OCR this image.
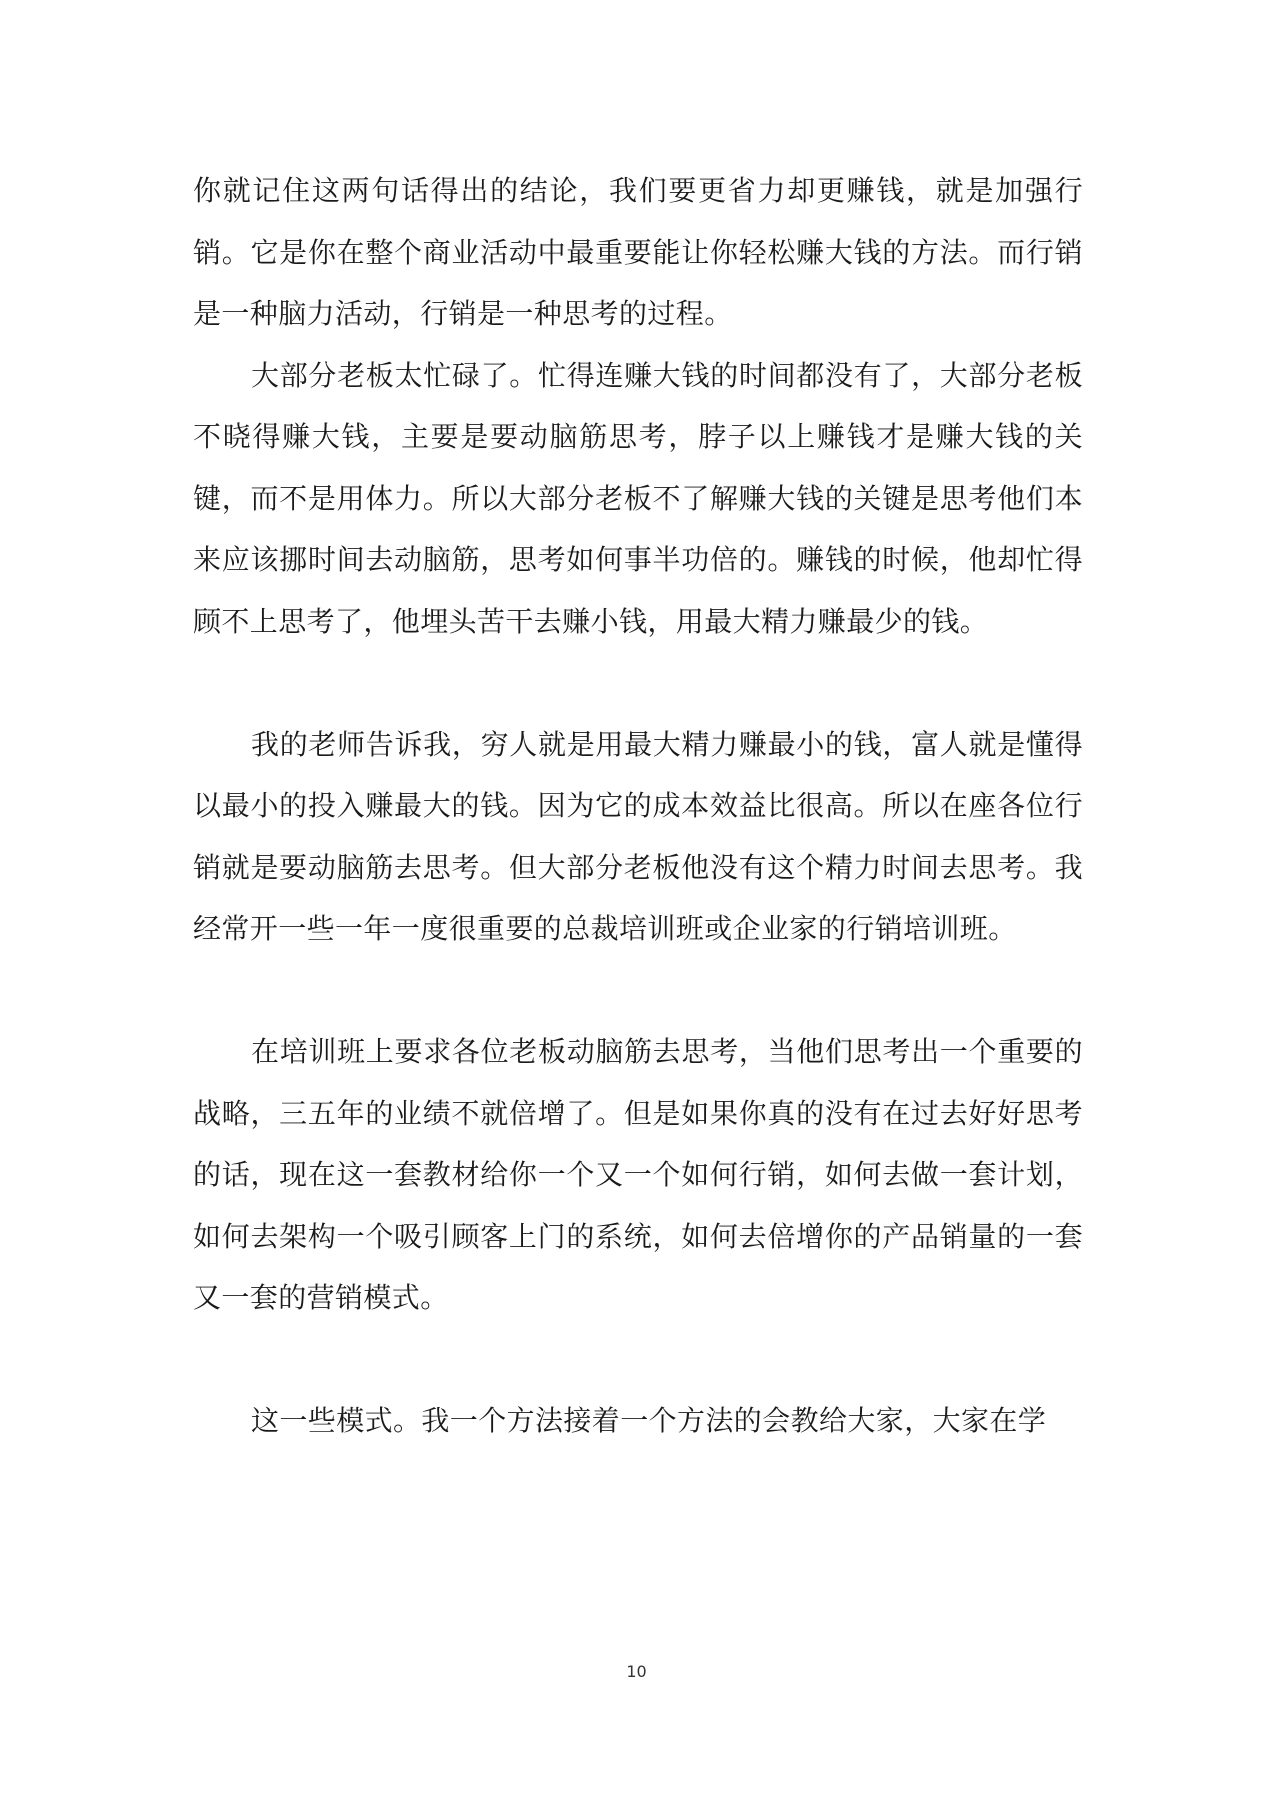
你就记住这两句话得出的结论，我们要更省力却更赚钱，就是加强行销。它是你在整个商业活动中最重要能让你轻松赚大钱的方法。而行销是一种脑力活动，行销是一种思考的过程。

大部分老板太忙碌了。忙得连赚大钱的时间都没有了，大部分老板不晓得赚大钱，主要是要动脑筋思考，脖子以上赚钱才是赚大钱的关键，而不是用体力。所以大部分老板不了解赚大钱的关键是思考他们本来应该挪时间去动脑筋，思考如何事半功倍的。赚钱的时候，他却忙得顾不上思考了，他埋头苦干去赚小钱，用最大精力赚最少的钱。

我的老师告诉我，穷人就是用最大精力赚最小的钱，富人就是懂得以最小的投入赚最大的钱。因为它的成本效益比很高。所以在座各位行销就是要动脑筋去思考。但大部分老板他没有这个精力时间去思考。我经常开一些一年一度很重要的总裁培训班或企业家的行销培训班。

在培训班上要求各位老板动脑筋去思考，当他们思考出一个重要的战略，三五年的业绩不就倍增了。但是如果你真的没有在过去好好思考的话，现在这一套教材给你一个又一个如何行销，如何去做一套计划，如何去架构一个吸引顾客上门的系统，如何去倍增你的产品销量的一套又一套的营销模式。

这一些模式。我一个方法接着一个方法的会教给大家，大家在学

10
